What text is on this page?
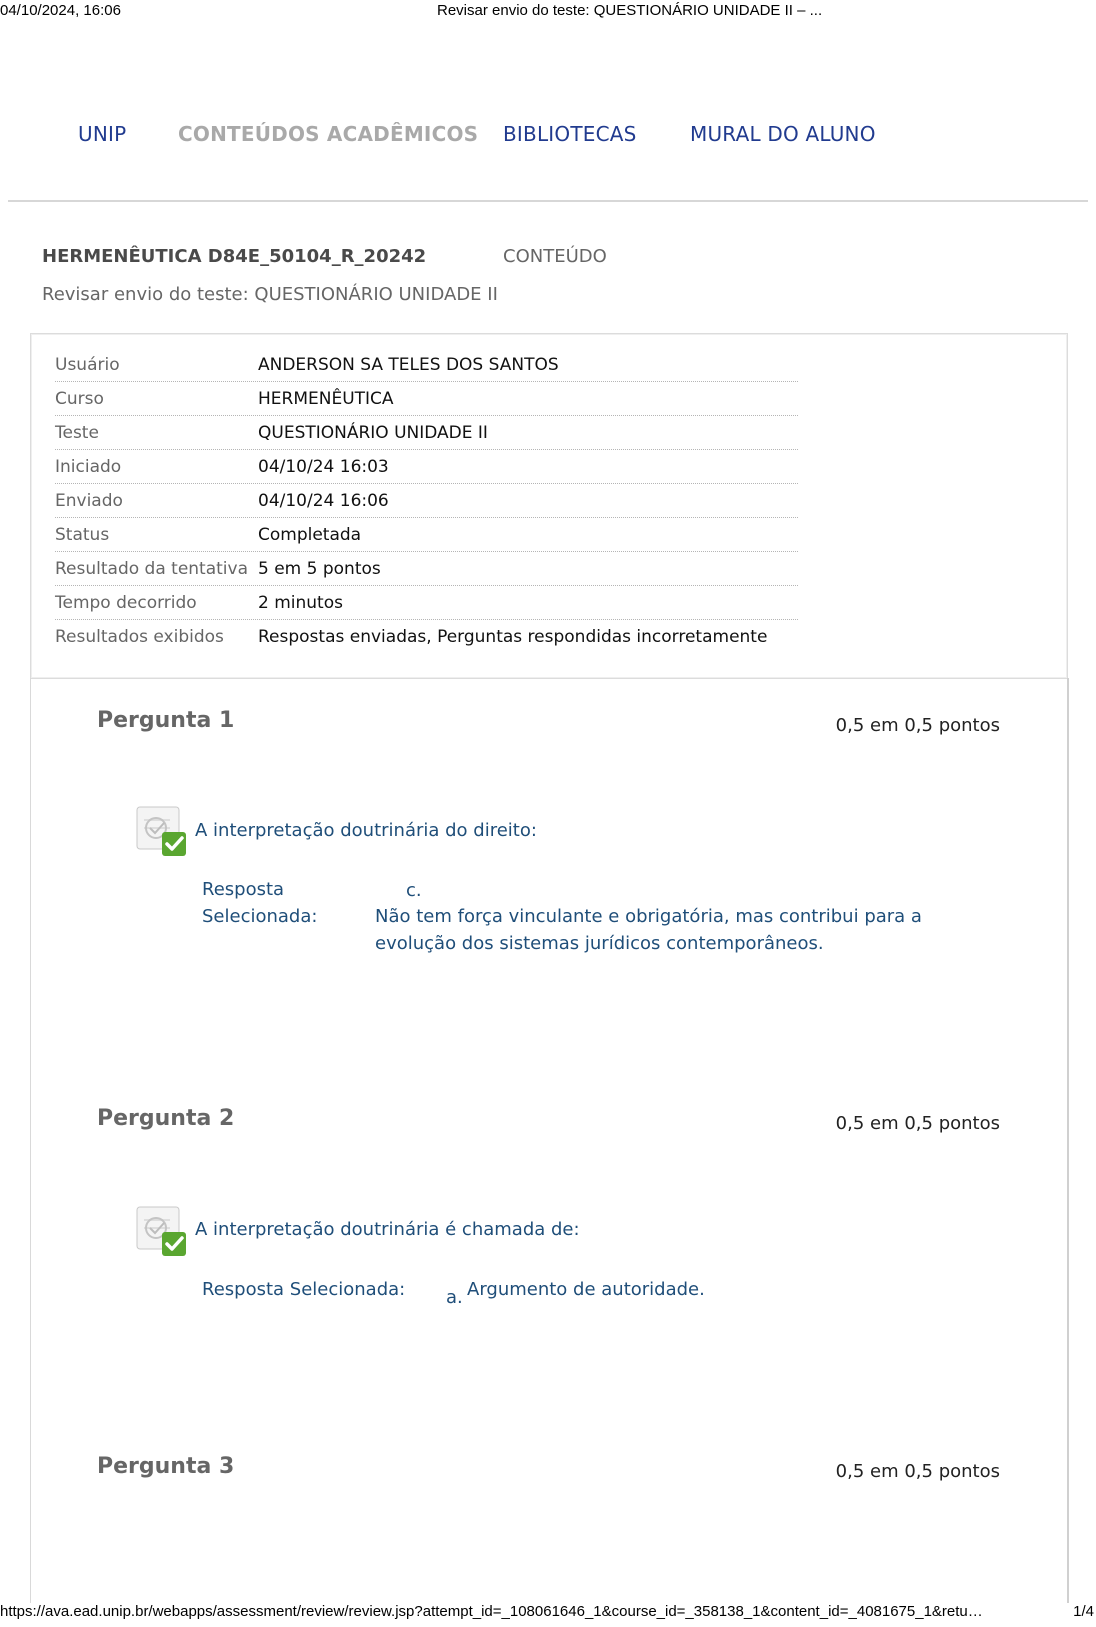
04/10/2024, 16:06	Revisar envio do teste: QUESTIONÁRIO UNIDADE II – ...
UNIP	CONTEÚDOS ACADÊMICOS BIBLIOTECAS	MURAL DO ALUNO
HERMENÊUTICA D84E_50104_R_20242	CONTEÚDO
Revisar envio do teste: QUESTIONÁRIO UNIDADE II
Usuário	ANDERSON SA TELES DOS SANTOS
Curso	HERMENÊUTICA
Teste	QUESTIONÁRIO UNIDADE II
Iniciado	04/10/24 16:03
Enviado	04/10/24 16:06
Status	Completada
Resultado da tentativa 5 em 5 pontos
Tempo decorrido	2 minutos
Resultados exibidos Respostas enviadas, Perguntas respondidas incorretamente
Pergunta 1	0,5 em 0,5 pontos
A interpretação doutrinária do direito:
Resposta
Selecionada:
c.
Não tem força vinculante e obrigatória, mas contribui para a evolução dos sistemas jurídicos contemporâneos.
Pergunta 2	0,5 em 0,5 pontos
A interpretação doutrinária é chamada de:
Resposta Selecionada: a. Argumento de autoridade.
Pergunta 3	0,5 em 0,5 pontos
https://ava.ead.unip.br/webapps/assessment/review/review.jsp?attempt_id=_108061646_1&course_id=_358138_1&content_id=_4081675_1&retu…	1/4
